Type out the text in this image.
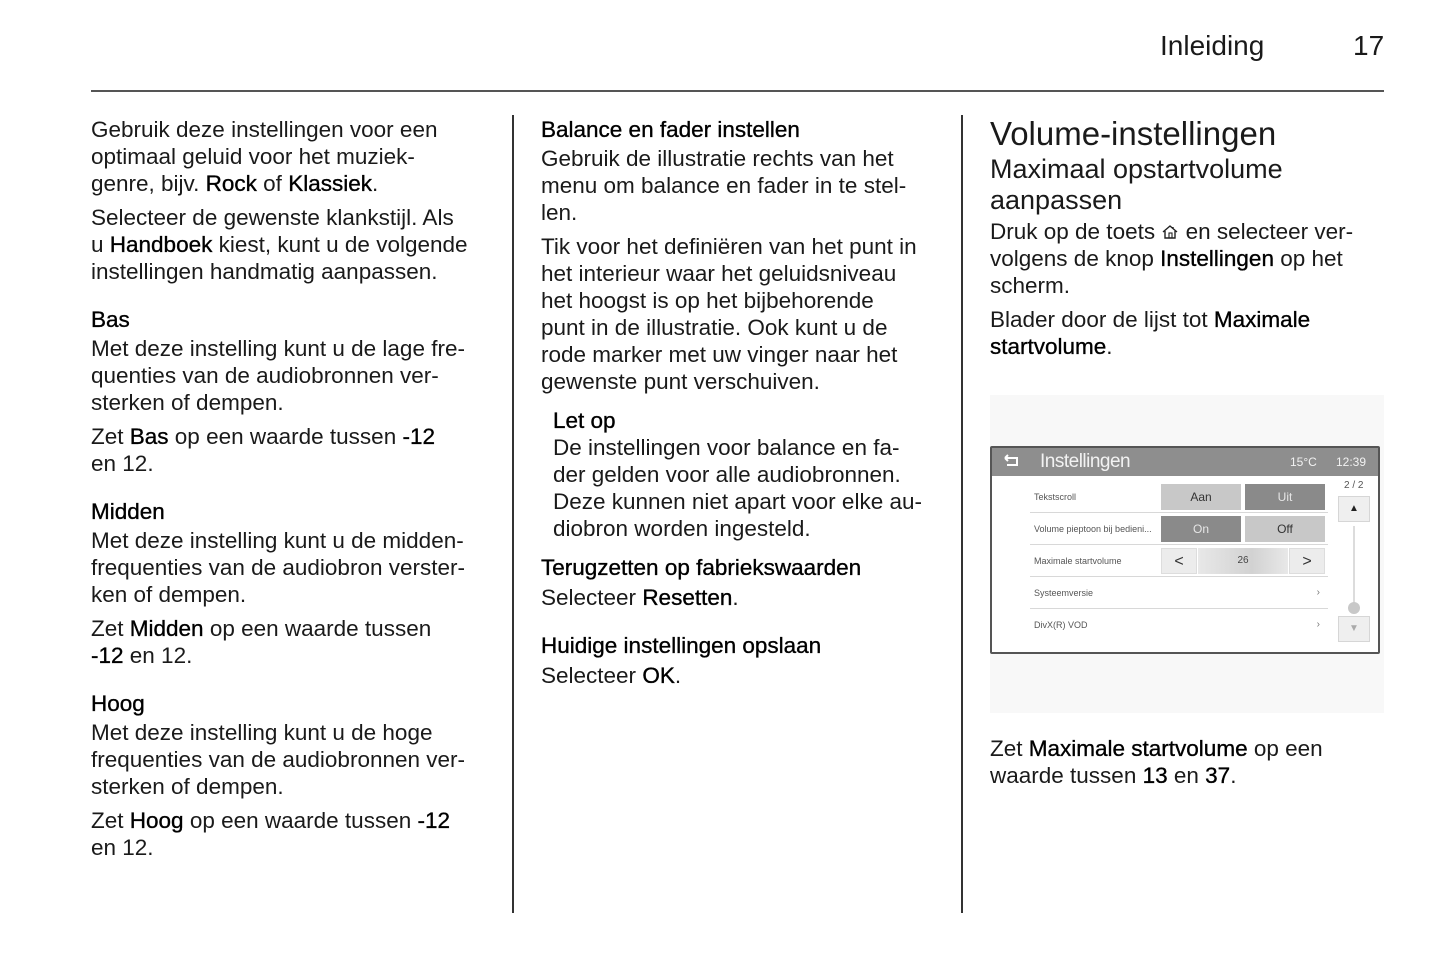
Inleiding	17

Gebruik deze instellingen voor een
optimaal geluid voor het muziek-
genre, bijv. Rock of Klassiek.

Selecteer de gewenste klankstijl. Als
u Handboek kiest, kunt u de volgende
instellingen handmatig aanpassen.

Bas

Met deze instelling kunt u de lage fre-
quenties van de audiobronnen ver-
sterken of dempen.

Zet Bas op een waarde tussen -12
en 12.

Midden

Met deze instelling kunt u de midden-
frequenties van de audiobron verster-
ken of dempen.

Zet Midden op een waarde tussen
-12 en 12.

Hoog

Met deze instelling kunt u de hoge
frequenties van de audiobronnen ver-
sterken of dempen.

Zet Hoog op een waarde tussen -12
en 12.

Balance en fader instellen

Gebruik de illustratie rechts van het
menu om balance en fader in te stel-
len.

Tik voor het definiëren van het punt in
het interieur waar het geluidsniveau
het hoogst is op het bijbehorende
punt in de illustratie. Ook kunt u de
rode marker met uw vinger naar het
gewenste punt verschuiven.

Let op

De instellingen voor balance en fa-
der gelden voor alle audiobronnen.
Deze kunnen niet apart voor elke au-
diobron worden ingesteld.

Terugzetten op fabriekswaarden

Selecteer Resetten.

Huidige instellingen opslaan

Selecteer OK.

Volume-instellingen

Maximaal opstartvolume
aanpassen

Druk op de toets  en selecteer ver-
volgens de knop Instellingen op het
scherm.

Blader door de lijst tot Maximale
startvolume.

Instellingen	15°C 12:39
Tekstscroll	Aan	Uit
Volume pieptoon bij bedieni...	On	Off
Maximale startvolume	<	26	>
Systeemversie	›
DivX(R) VOD	›
2 / 2
▲
▼

Zet Maximale startvolume op een
waarde tussen 13 en 37.
